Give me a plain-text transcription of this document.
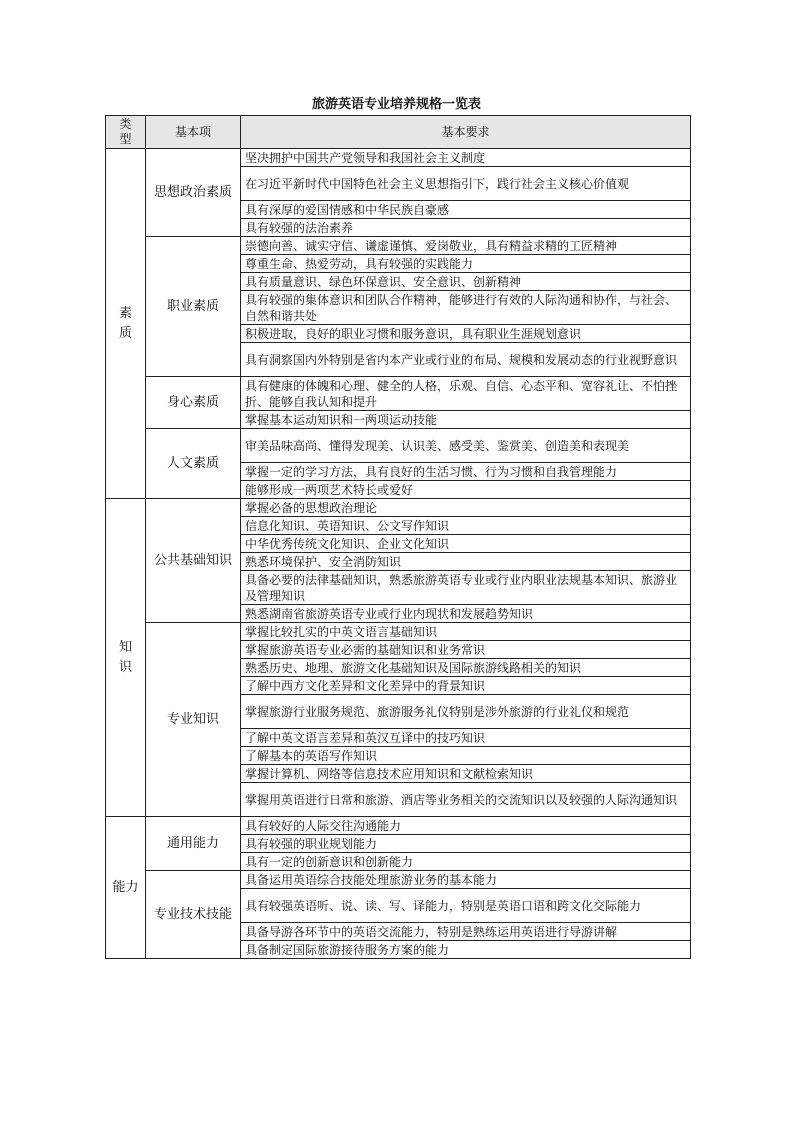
旅游英语专业培养规格一览表
类
型	基本项	基本要求
素
质	思想政治素质	坚决拥护中国共产党领导和我国社会主义制度
		在习近平新时代中国特色社会主义思想指引下，践行社会主义核心价值观
		具有深厚的爱国情感和中华民族自豪感
		具有较强的法治素养
	职业素质	崇德向善、诚实守信、谦虚谨慎、爱岗敬业，具有精益求精的工匠精神
		尊重生命、热爱劳动，具有较强的实践能力
		具有质量意识、绿色环保意识、安全意识、创新精神
		具有较强的集体意识和团队合作精神，能够进行有效的人际沟通和协作，与社会、自然和谐共处
		积极进取，良好的职业习惯和服务意识，具有职业生涯规划意识
		具有洞察国内外特别是省内本产业或行业的布局、规模和发展动态的行业视野意识
	身心素质	具有健康的体魄和心理、健全的人格，乐观、自信、心态平和、宽容礼让、不怕挫折、能够自我认知和提升
		掌握基本运动知识和一两项运动技能
	人文素质	审美品味高尚、懂得发现美、认识美、感受美、鉴赏美、创造美和表现美
		掌握一定的学习方法，具有良好的生活习惯、行为习惯和自我管理能力
		能够形成一两项艺术特长或爱好
知
识	公共基础知识	掌握必备的思想政治理论
		信息化知识、英语知识、公文写作知识
		中华优秀传统文化知识、企业文化知识
		熟悉环境保护、安全消防知识
		具备必要的法律基础知识，熟悉旅游英语专业或行业内职业法规基本知识、旅游业及管理知识
		熟悉湖南省旅游英语专业或行业内现状和发展趋势知识
	专业知识	掌握比较扎实的中英文语言基础知识
		掌握旅游英语专业必需的基础知识和业务常识
		熟悉历史、地理、旅游文化基础知识及国际旅游线路相关的知识
		了解中西方文化差异和文化差异中的背景知识
		掌握旅游行业服务规范、旅游服务礼仪特别是涉外旅游的行业礼仪和规范
		了解中英文语言差异和英汉互译中的技巧知识
		了解基本的英语写作知识
		掌握计算机、网络等信息技术应用知识和文献检索知识
		掌握用英语进行日常和旅游、酒店等业务相关的交流知识以及较强的人际沟通知识
能力	通用能力	具有较好的人际交往沟通能力
		具有较强的职业规划能力
		具有一定的创新意识和创新能力
	专业技术技能	具备运用英语综合技能处理旅游业务的基本能力
		具有较强英语听、说、读、写、译能力，特别是英语口语和跨文化交际能力
		具备导游各环节中的英语交流能力，特别是熟练运用英语进行导游讲解
		具备制定国际旅游接待服务方案的能力
